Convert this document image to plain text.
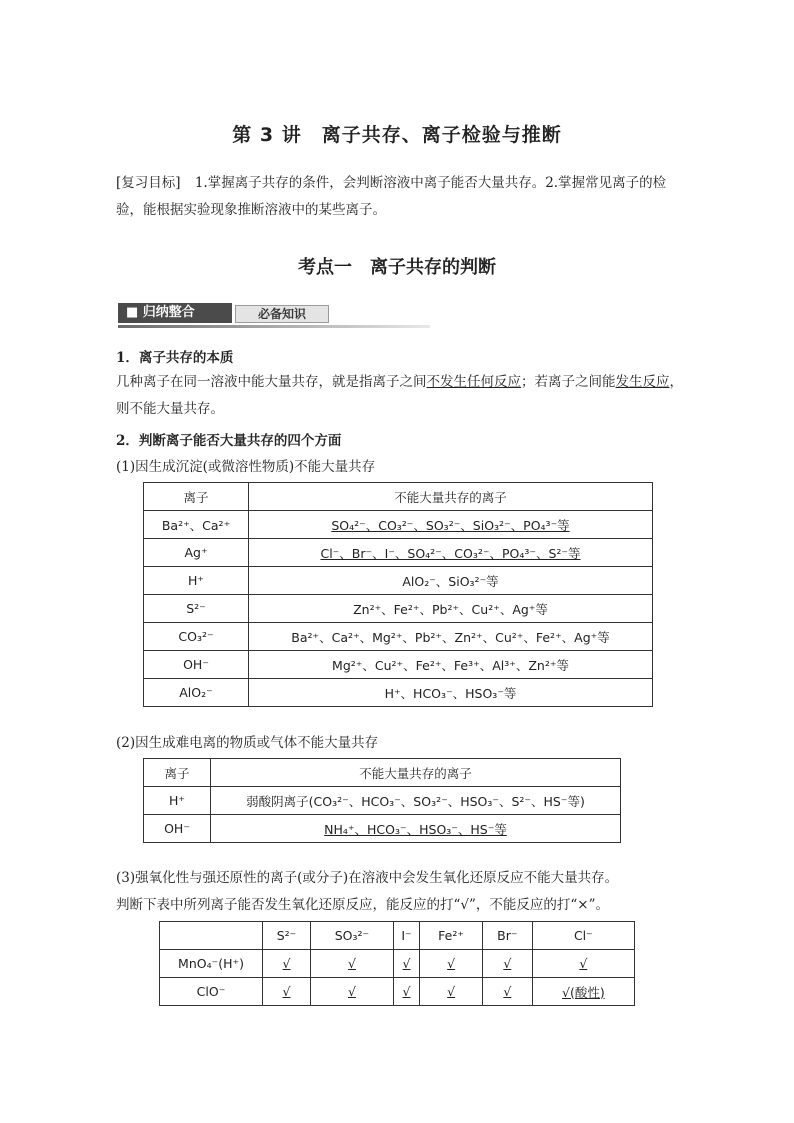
第 3 讲　离子共存、离子检验与推断
[复习目标] 1.掌握离子共存的条件，会判断溶液中离子能否大量共存。2.掌握常见离子的检验，能根据实验现象推断溶液中的某些离子。
考点一　离子共存的判断
■ 归纳整合	必备知识
1．离子共存的本质
几种离子在同一溶液中能大量共存，就是指离子之间不发生任何反应；若离子之间能发生反应，则不能大量共存。
2．判断离子能否大量共存的四个方面
(1)因生成沉淀(或微溶性物质)不能大量共存
离子	不能大量共存的离子
Ba²⁺、Ca²⁺	SO₄²⁻、CO₃²⁻、SO₃²⁻、SiO₃²⁻、PO₄³⁻等
Ag⁺	Cl⁻、Br⁻、I⁻、SO₄²⁻、CO₃²⁻、PO₄³⁻、S²⁻等
H⁺	AlO₂⁻、SiO₃²⁻等
S²⁻	Zn²⁺、Fe²⁺、Pb²⁺、Cu²⁺、Ag⁺等
CO₃²⁻	Ba²⁺、Ca²⁺、Mg²⁺、Pb²⁺、Zn²⁺、Cu²⁺、Fe²⁺、Ag⁺等
OH⁻	Mg²⁺、Cu²⁺、Fe²⁺、Fe³⁺、Al³⁺、Zn²⁺等
AlO₂⁻	H⁺、HCO₃⁻、HSO₃⁻等
(2)因生成难电离的物质或气体不能大量共存
离子	不能大量共存的离子
H⁺	弱酸阴离子(CO₃²⁻、HCO₃⁻、SO₃²⁻、HSO₃⁻、S²⁻、HS⁻等)
OH⁻	NH₄⁺、HCO₃⁻、HSO₃⁻、HS⁻等
(3)强氧化性与强还原性的离子(或分子)在溶液中会发生氧化还原反应不能大量共存。
判断下表中所列离子能否发生氧化还原反应，能反应的打“√”，不能反应的打“×”。
	S²⁻	SO₃²⁻	I⁻	Fe²⁺	Br⁻	Cl⁻
MnO₄⁻(H⁺)	√	√	√	√	√	√
ClO⁻	√	√	√	√	√	√(酸性)
